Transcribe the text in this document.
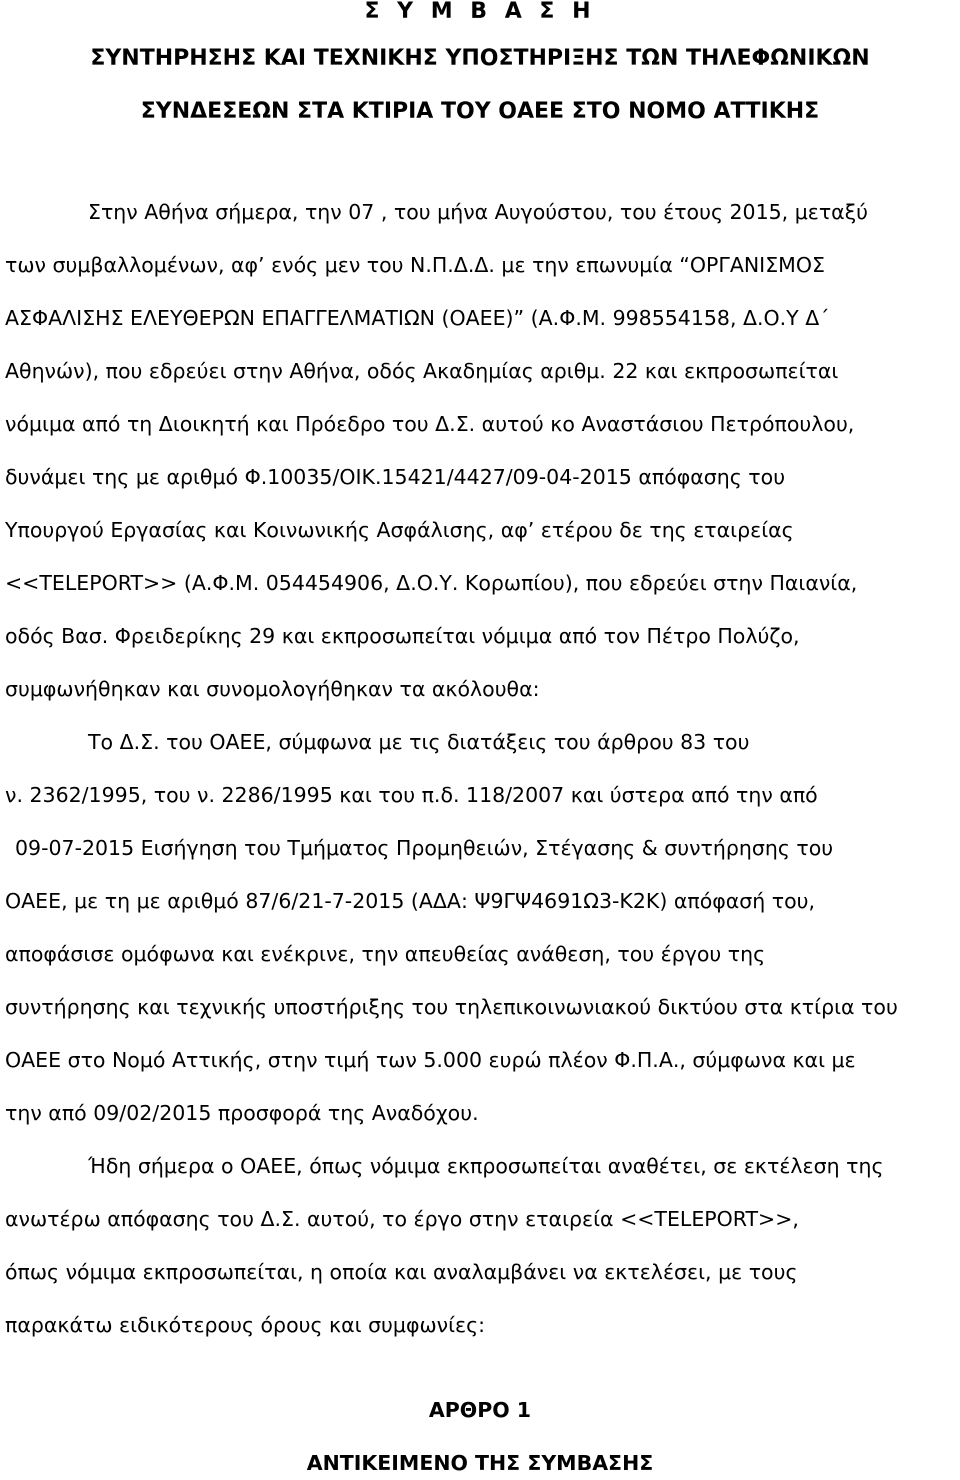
Σ Υ Μ Β Α Σ Η
ΣΥΝΤΗΡΗΣΗΣ ΚΑΙ ΤΕΧΝΙΚΗΣ ΥΠΟΣΤΗΡΙΞΗΣ ΤΩΝ ΤΗΛΕΦΩΝΙΚΩΝ
ΣΥΝΔΕΣΕΩΝ ΣΤΑ ΚΤΙΡΙΑ ΤΟΥ ΟΑΕΕ ΣΤΟ ΝΟΜΟ ΑΤΤΙΚΗΣ
Στην Αθήνα σήμερα, την 07 , του μήνα Αυγούστου, του έτους 2015, μεταξύ
των συμβαλλομένων, αφ’ ενός μεν του Ν.Π.Δ.Δ. με την επωνυμία “ΟΡΓΑΝΙΣΜΟΣ
ΑΣΦΑΛΙΣΗΣ ΕΛΕΥΘΕΡΩΝ ΕΠΑΓΓΕΛΜΑΤΙΩΝ (ΟΑΕΕ)” (Α.Φ.Μ. 998554158, Δ.Ο.Υ Δ΄
Αθηνών), που εδρεύει στην Αθήνα, οδός Ακαδημίας αριθμ. 22 και εκπροσωπείται
νόμιμα από τη Διοικητή και Πρόεδρο του Δ.Σ. αυτού κο Αναστάσιου Πετρόπουλου,
δυνάμει της με αριθμό Φ.10035/ΟΙΚ.15421/4427/09-04-2015 απόφασης του
Υπουργού Εργασίας και Κοινωνικής Ασφάλισης, αφ’ ετέρου δε της εταιρείας
<<TELEPORT>> (Α.Φ.Μ. 054454906, Δ.Ο.Υ. Κορωπίου), που εδρεύει στην Παιανία,
οδός Βασ. Φρειδερίκης 29 και εκπροσωπείται νόμιμα από τον Πέτρο Πολύζο,
συμφωνήθηκαν και συνομολογήθηκαν τα ακόλουθα:
Το Δ.Σ. του ΟΑΕΕ, σύμφωνα με τις διατάξεις του άρθρου 83 του
ν. 2362/1995, του ν. 2286/1995 και του π.δ. 118/2007 και ύστερα από την από
09-07-2015 Εισήγηση του Τμήματος Προμηθειών, Στέγασης & συντήρησης του
ΟΑΕΕ, με τη με αριθμό 87/6/21-7-2015 (ΑΔΑ: Ψ9ΓΨ4691Ω3-Κ2Κ) απόφασή του,
αποφάσισε ομόφωνα και ενέκρινε, την απευθείας ανάθεση, του έργου της
συντήρησης και τεχνικής υποστήριξης του τηλεπικοινωνιακού δικτύου στα κτίρια του
ΟΑΕΕ στο Νομό Αττικής, στην τιμή των 5.000 ευρώ πλέον Φ.Π.Α., σύμφωνα και με
την από 09/02/2015 προσφορά της Αναδόχου.
Ήδη σήμερα ο ΟΑΕΕ, όπως νόμιμα εκπροσωπείται αναθέτει, σε εκτέλεση της
ανωτέρω απόφασης του Δ.Σ. αυτού, το έργο στην εταιρεία <<TELEPORT>>,
όπως νόμιμα εκπροσωπείται, η οποία και αναλαμβάνει να εκτελέσει, με τους
παρακάτω ειδικότερους όρους και συμφωνίες:
ΑΡΘΡΟ 1
ΑΝΤΙΚΕΙΜΕΝΟ ΤΗΣ ΣΥΜΒΑΣΗΣ
